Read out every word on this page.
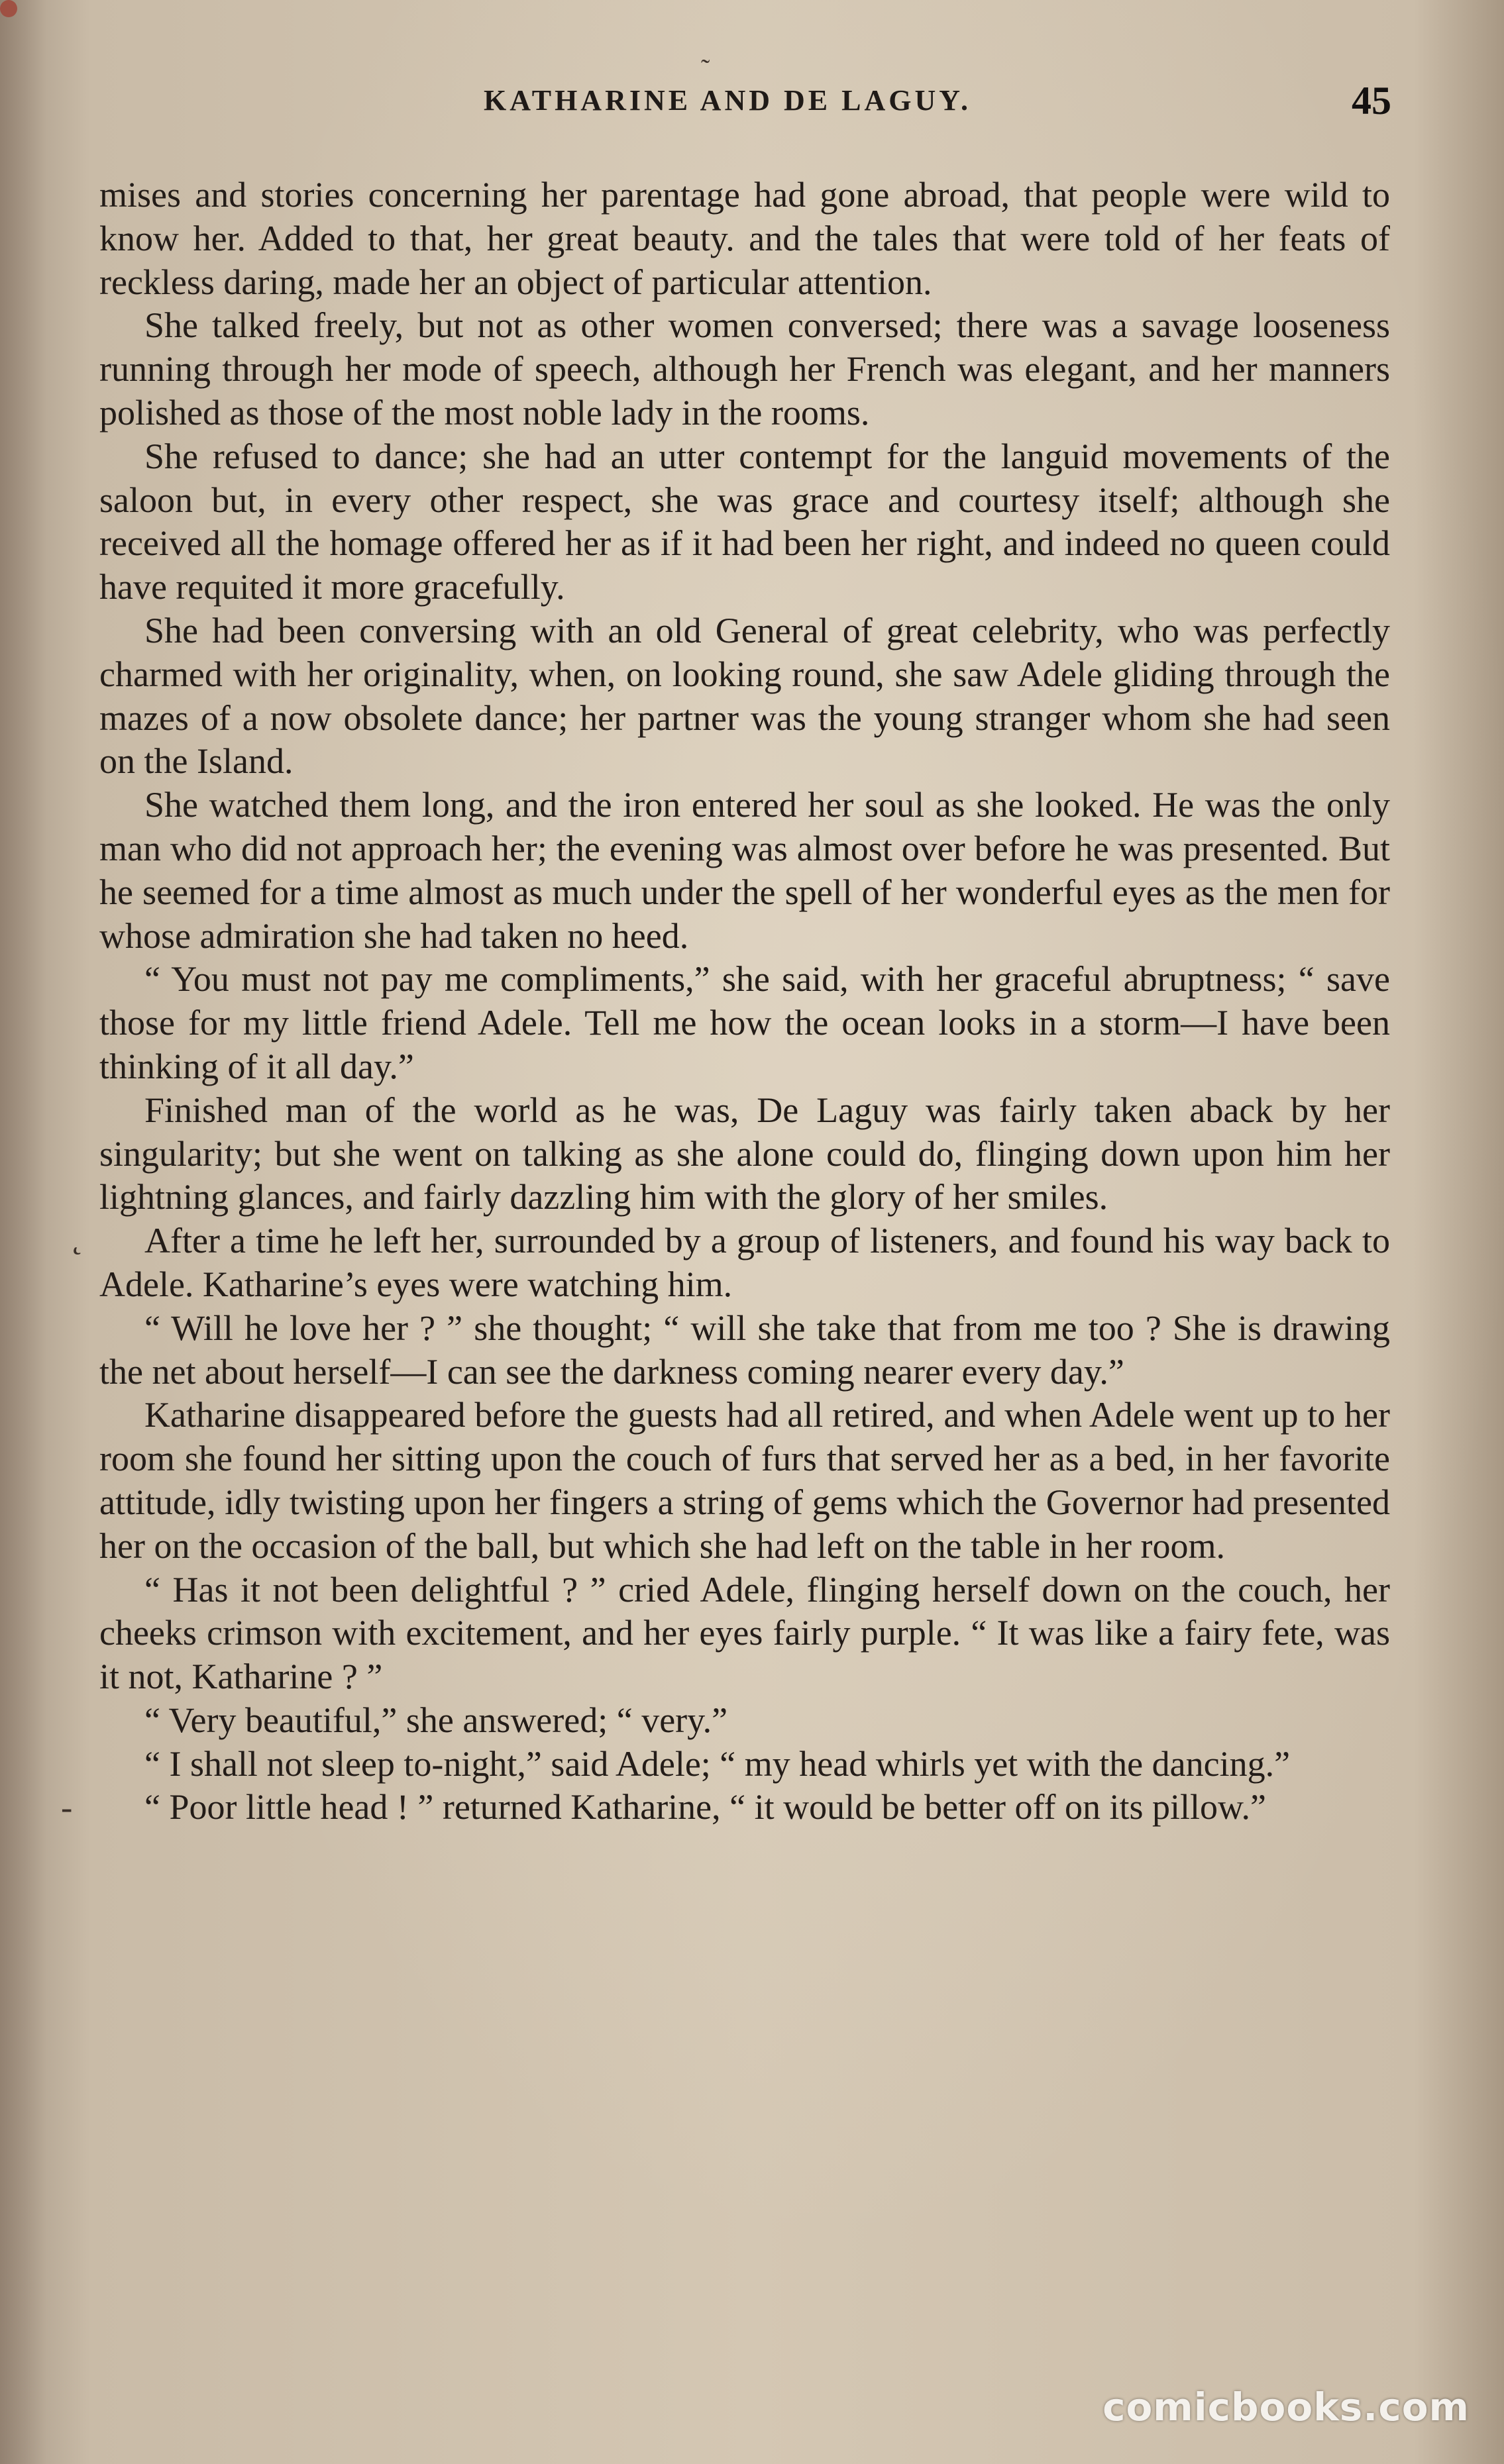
˜
˛
-
KATHARINE AND DE LAGUY.	45

mises and stories concerning her parentage had gone abroad, that people were wild to know her. Added to that, her great beauty. and the tales that were told of her feats of reckless daring, made her an object of particular attention.

She talked freely, but not as other women conversed; there was a savage looseness running through her mode of speech, although her French was elegant, and her manners polished as those of the most noble lady in the rooms.

She refused to dance; she had an utter contempt for the languid movements of the saloon but, in every other respect, she was grace and courtesy itself; although she received all the homage offered her as if it had been her right, and indeed no queen could have requited it more gracefully.

She had been conversing with an old General of great celebrity, who was perfectly charmed with her originality, when, on looking round, she saw Adele gliding through the mazes of a now obsolete dance; her partner was the young stranger whom she had seen on the Island.

She watched them long, and the iron entered her soul as she looked. He was the only man who did not approach her; the evening was almost over before he was presented. But he seemed for a time almost as much under the spell of her wonderful eyes as the men for whose admiration she had taken no heed.

“ You must not pay me compliments,” she said, with her graceful abruptness; “ save those for my little friend Adele. Tell me how the ocean looks in a storm—I have been thinking of it all day.”

Finished man of the world as he was, De Laguy was fairly taken aback by her singularity; but she went on talking as she alone could do, flinging down upon him her lightning glances, and fairly dazzling him with the glory of her smiles.

After a time he left her, surrounded by a group of listeners, and found his way back to Adele. Katharine’s eyes were watching him.

“ Will he love her ? ” she thought; “ will she take that from me too ? She is drawing the net about herself—I can see the darkness coming nearer every day.”

Katharine disappeared before the guests had all retired, and when Adele went up to her room she found her sitting upon the couch of furs that served her as a bed, in her favorite attitude, idly twisting upon her fingers a string of gems which the Governor had presented her on the occasion of the ball, but which she had left on the table in her room.

“ Has it not been delightful ? ” cried Adele, flinging herself down on the couch, her cheeks crimson with excitement, and her eyes fairly purple. “ It was like a fairy fete, was it not, Katharine ? ”

“ Very beautiful,” she answered; “ very.”

“ I shall not sleep to-night,” said Adele; “ my head whirls yet with the dancing.”

“ Poor little head ! ” returned Katharine, “ it would be better off on its pillow.”

comicbooks.com
